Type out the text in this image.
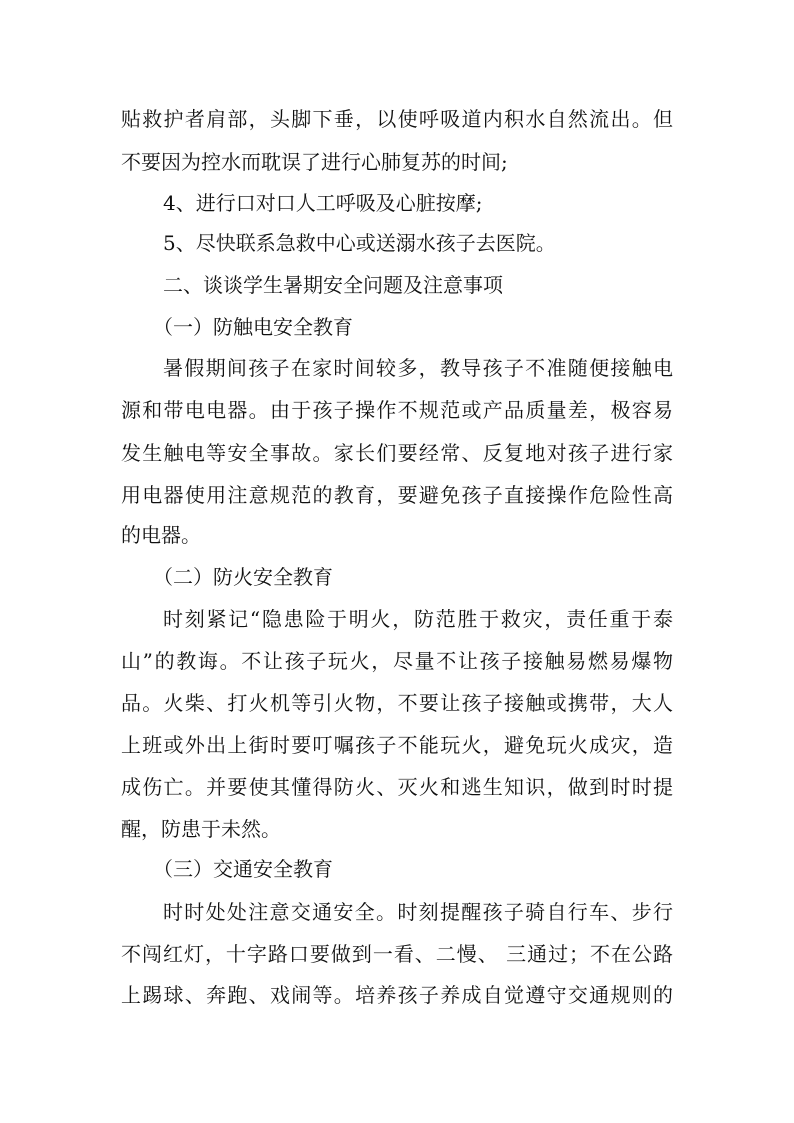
贴救护者肩部，头脚下垂，以使呼吸道内积水自然流出。但
不要因为控水而耽误了进行心肺复苏的时间;
4、进行口对口人工呼吸及心脏按摩;
5、尽快联系急救中心或送溺水孩子去医院。
二、谈谈学生暑期安全问题及注意事项
（一）防触电安全教育
暑假期间孩子在家时间较多，教导孩子不准随便接触电
源和带电电器。由于孩子操作不规范或产品质量差，极容易
发生触电等安全事故。家长们要经常、反复地对孩子进行家
用电器使用注意规范的教育，要避免孩子直接操作危险性高
的电器。
（二）防火安全教育
时刻紧记“隐患险于明火，防范胜于救灾，责任重于泰
山”的教诲。不让孩子玩火，尽量不让孩子接触易燃易爆物
品。火柴、打火机等引火物，不要让孩子接触或携带，大人
上班或外出上街时要叮嘱孩子不能玩火，避免玩火成灾，造
成伤亡。并要使其懂得防火、灭火和逃生知识，做到时时提
醒，防患于未然。
（三）交通安全教育
时时处处注意交通安全。时刻提醒孩子骑自行车、步行
不闯红灯，十字路口要做到一看、二慢、 三通过；不在公路
上踢球、奔跑、戏闹等。培养孩子养成自觉遵守交通规则的
